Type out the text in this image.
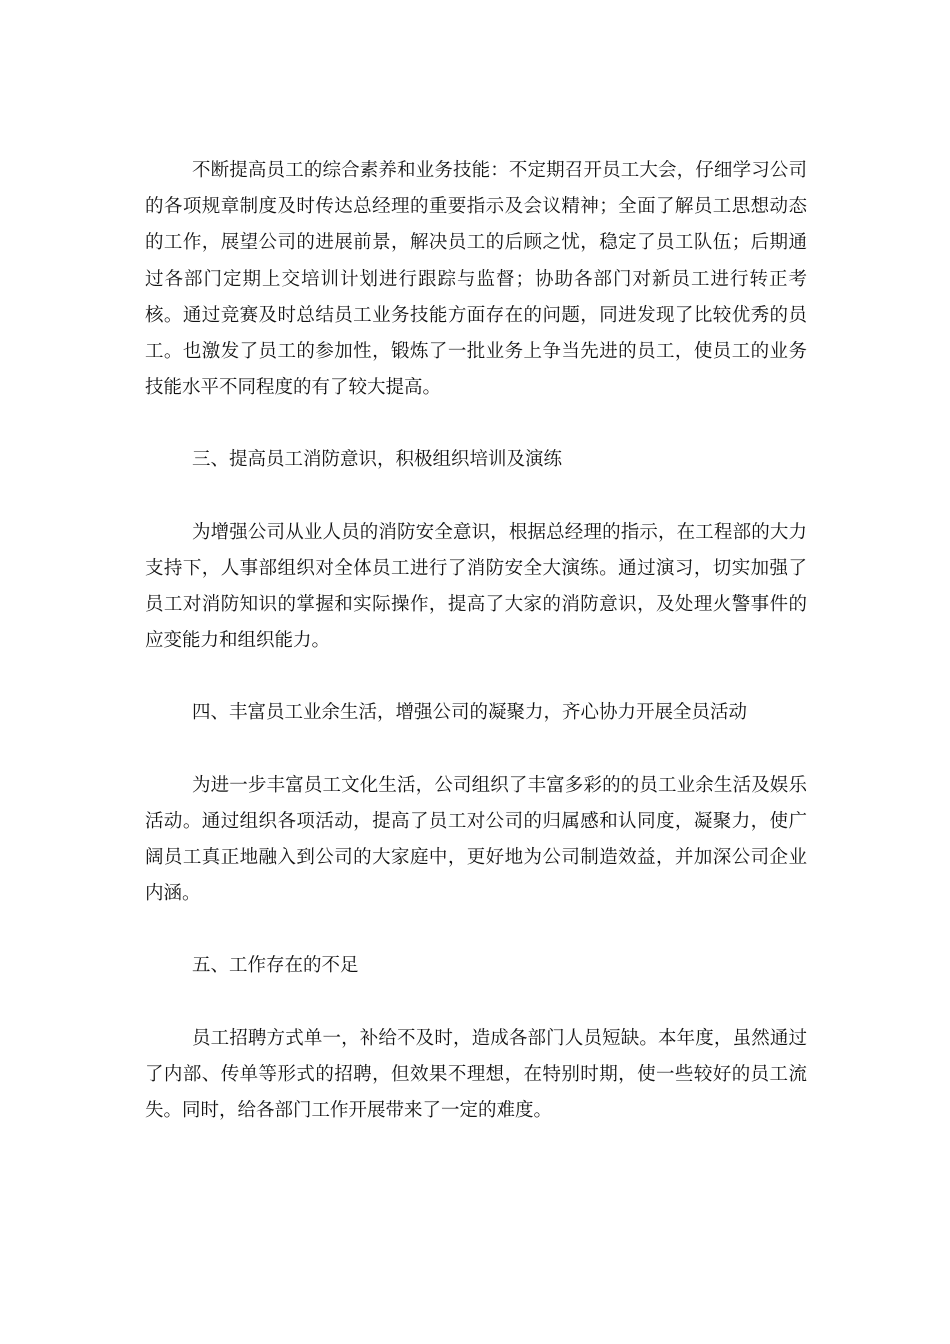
不断提高员工的综合素养和业务技能：不定期召开员工大会，仔细学习公司的各项规章制度及时传达总经理的重要指示及会议精神；全面了解员工思想动态的工作，展望公司的进展前景，解决员工的后顾之忧，稳定了员工队伍；后期通过各部门定期上交培训计划进行跟踪与监督；协助各部门对新员工进行转正考核。通过竞赛及时总结员工业务技能方面存在的问题，同进发现了比较优秀的员工。也激发了员工的参加性，锻炼了一批业务上争当先进的员工，使员工的业务技能水平不同程度的有了较大提高。

三、提高员工消防意识，积极组织培训及演练

为增强公司从业人员的消防安全意识，根据总经理的指示，在工程部的大力支持下，人事部组织对全体员工进行了消防安全大演练。通过演习，切实加强了员工对消防知识的掌握和实际操作，提高了大家的消防意识，及处理火警事件的应变能力和组织能力。

四、丰富员工业余生活，增强公司的凝聚力，齐心协力开展全员活动

为进一步丰富员工文化生活，公司组织了丰富多彩的的员工业余生活及娱乐活动。通过组织各项活动，提高了员工对公司的归属感和认同度，凝聚力，使广阔员工真正地融入到公司的大家庭中，更好地为公司制造效益，并加深公司企业内涵。

五、工作存在的不足

员工招聘方式单一，补给不及时，造成各部门人员短缺。本年度，虽然通过了内部、传单等形式的招聘，但效果不理想，在特别时期，使一些较好的员工流失。同时，给各部门工作开展带来了一定的难度。
